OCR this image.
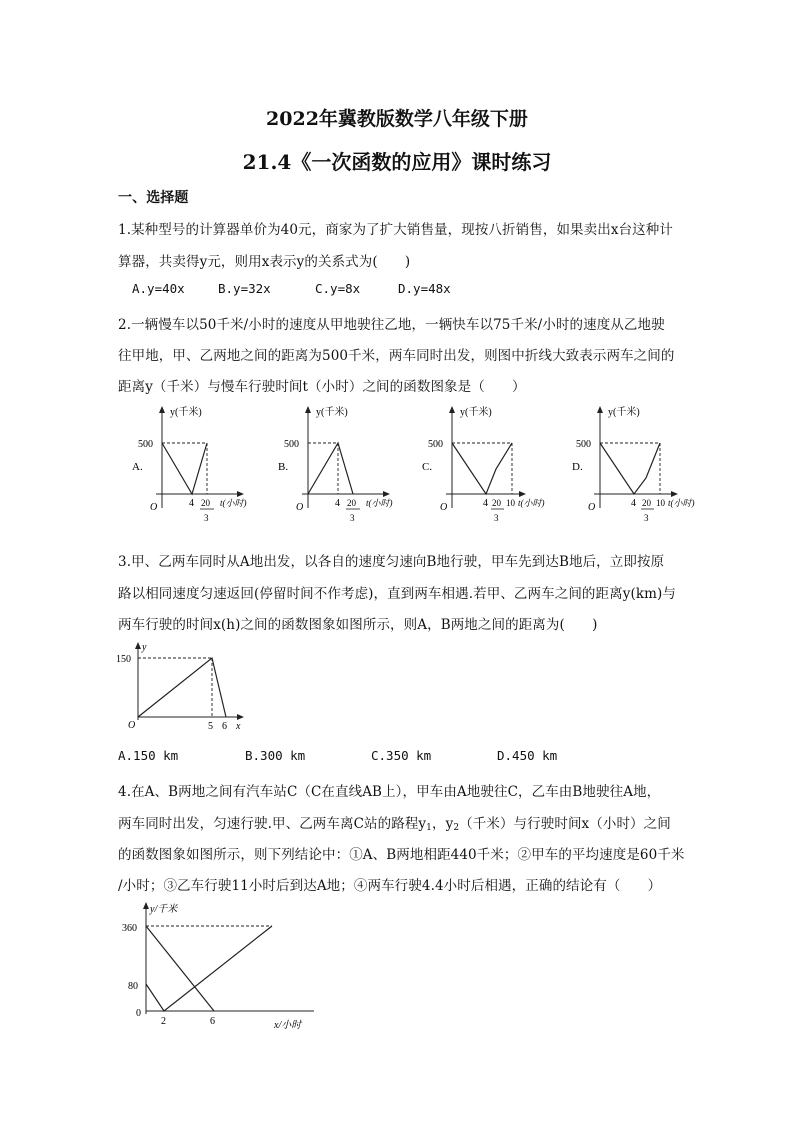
2022年冀教版数学八年级下册
21.4《一次函数的应用》课时练习
一、选择题
1.某种型号的计算器单价为40元，商家为了扩大销售量，现按八折销售，如果卖出x台这种计
算器，共卖得y元，则用x表示y的关系式为(　　)
A.y=40x	B.y=32x	C.y=8x	D.y=48x
2.一辆慢车以50千米/小时的速度从甲地驶往乙地，一辆快车以75千米/小时的速度从乙地驶
往甲地，甲、乙两地之间的距离为500千米，两车同时出发，则图中折线大致表示两车之间的
距离y（千米）与慢车行驶时间t（小时）之间的函数图象是（　　）
A.
y(千米)
500
O	4 20
3
t(小时)
B.
y(千米)
500
O	4 20
3
t(小时)
C.
y(千米)
500
O	4 20
3
10 t(小时)
D.
y(千米)
500
O	4 20
3
10 t(小时)
3.甲、乙两车同时从A地出发，以各自的速度匀速向B地行驶，甲车先到达B地后，立即按原
路以相同速度匀速返回(停留时间不作考虑)，直到两车相遇.若甲、乙两车之间的距离y(km)与
两车行驶的时间x(h)之间的函数图象如图所示，则A，B两地之间的距离为(　　)
y
150
O	5 6 x
A.150 km	B.300 km	C.350 km	D.450 km
4.在A、B两地之间有汽车站C（C在直线AB上），甲车由A地驶往C，乙车由B地驶往A地，
两车同时出发，匀速行驶.甲、乙两车离C站的路程$y_1$，$y_2$（千米）与行驶时间x（小时）之间
的函数图象如图所示，则下列结论中：①A、B两地相距440千米；②甲车的平均速度是60千米
/小时；③乙车行驶11小时后到达A地；④两车行驶4.4小时后相遇，正确的结论有（　　）
y/千米
360
80
0
2	6	x/小时
